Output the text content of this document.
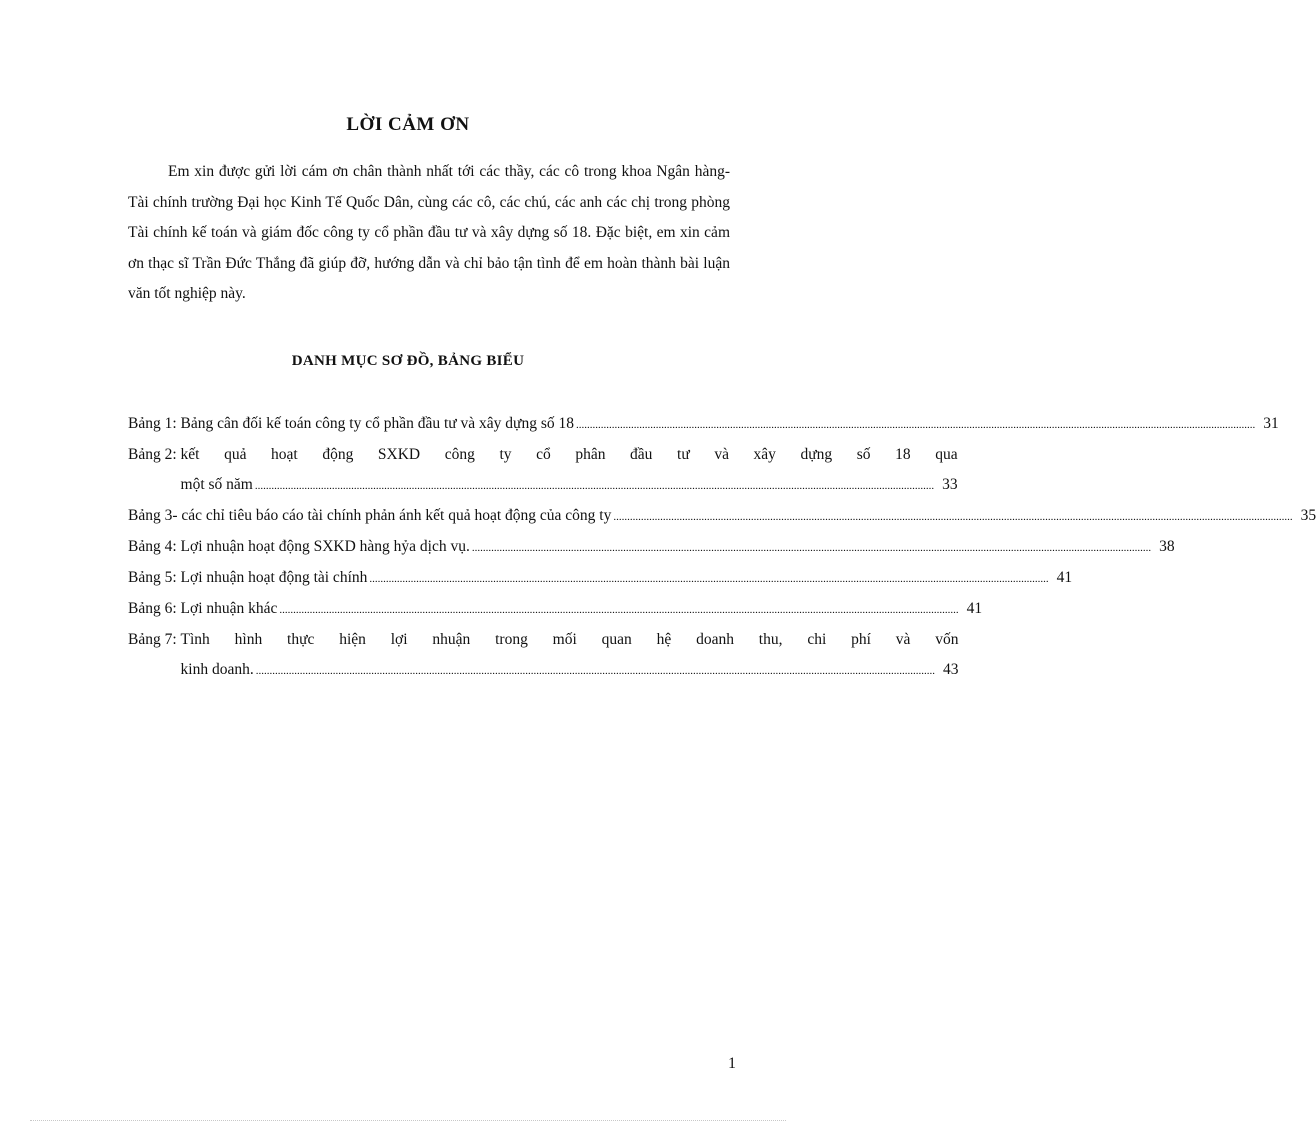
LỜI CẢM ƠN
Em xin được gửi lời cám ơn chân thành nhất tới các thầy, các cô trong khoa Ngân hàng- Tài chính trường Đại học Kinh Tế Quốc Dân, cùng các cô, các chú, các anh các chị trong phòng Tài chính kế toán và giám đốc công ty cổ phần đầu tư và xây dựng số 18. Đặc biệt, em xin cảm ơn thạc sĩ Trần Đức Thắng đã giúp đỡ, hướng dẫn và chỉ bảo tận tình để em hoàn thành bài luận văn tốt nghiệp này.
DANH MỤC SƠ ĐỒ, BẢNG BIỂU
Bảng 1:
Bảng cân đối kế toán công ty cổ phần đầu tư và xây dựng số 18 .....	31
Bảng 2:
kết quả hoạt động SXKD công ty cổ phân đầu tư và xây dựng số 18 qua
một số năm .....	33
Bảng 3-
các chỉ tiêu báo cáo tài chính phản ánh kết quả hoạt động của công ty .....	35
Bảng 4:
Lợi nhuận hoạt động SXKD hàng hỷa dịch vụ. .....	38
Bảng 5:
Lợi nhuận hoạt động tài chính .....	41
Bảng 6:
Lợi nhuận khác .....	41
Bảng 7:
Tình hình thực hiện lợi nhuận trong mối quan hệ doanh thu, chi phí và vốn
kinh doanh. .....	43
1
